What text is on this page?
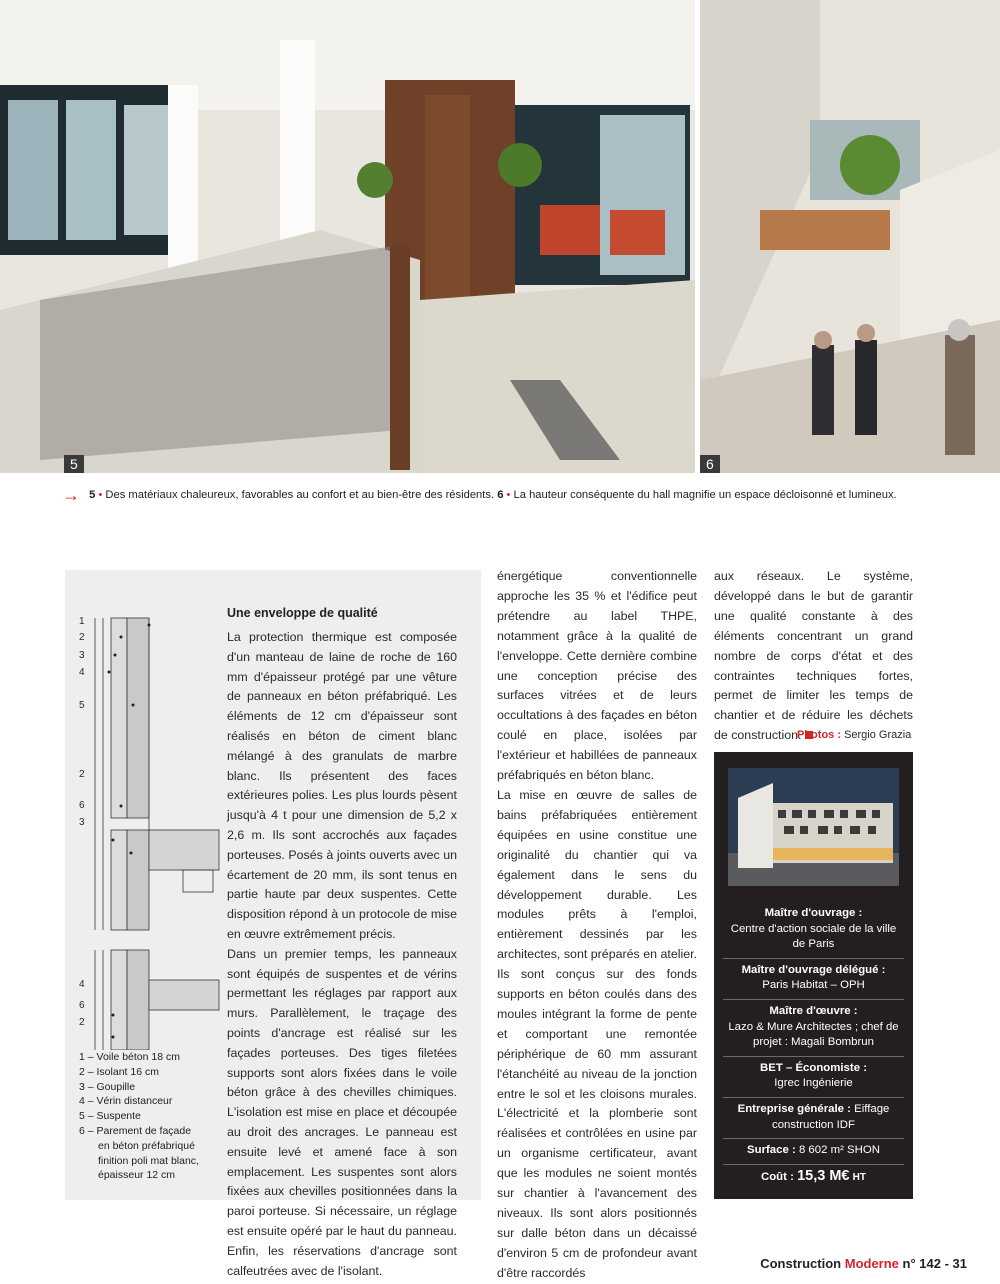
5	6
→ 5 • Des matériaux chaleureux, favorables au confort et au bien-être des résidents. 6 • La hauteur conséquente du hall magnifie un espace décloisonné et lumineux.
1
2
3
4
5
2
6
3
4
6
2
Une enveloppe de qualité

La protection thermique est composée d'un manteau de laine de roche de 160 mm d'épaisseur protégé par une vêture de panneaux en béton préfabriqué. Les éléments de 12 cm d'épaisseur sont réalisés en béton de ciment blanc mélangé à des granulats de marbre blanc. Ils présentent des faces extérieures polies. Les plus lourds pèsent jusqu'à 4 t pour une dimension de 5,2 x 2,6 m. Ils sont accrochés aux façades porteuses. Posés à joints ouverts avec un écartement de 20 mm, ils sont tenus en partie haute par deux suspentes. Cette disposition répond à un protocole de mise en œuvre extrêmement précis.

Dans un premier temps, les panneaux sont équipés de suspentes et de vérins permettant les réglages par rapport aux murs. Parallèlement, le traçage des points d'ancrage est réalisé sur les façades porteuses. Des tiges filetées supports sont alors fixées dans le voile béton grâce à des chevilles chimiques. L'isolation est mise en place et découpée au droit des ancrages. Le panneau est ensuite levé et amené face à son emplacement. Les suspentes sont alors fixées aux chevilles positionnées dans la paroi porteuse. Si nécessaire, un réglage est ensuite opéré par le haut du panneau. Enfin, les réservations d'ancrage sont calfeutrées avec de l'isolant.

1 – Voile béton 18 cm
2 – Isolant 16 cm
3 – Goupille
4 – Vérin distanceur
5 – Suspente
6 – Parement de façade
en béton préfabriqué
finition poli mat blanc,
épaisseur 12 cm

énergétique conventionnelle approche les 35 % et l'édifice peut prétendre au label THPE, notamment grâce à la qualité de l'enveloppe. Cette dernière combine une conception précise des surfaces vitrées et de leurs occultations à des façades en béton coulé en place, isolées par l'extérieur et habillées de panneaux préfabriqués en béton blanc.

La mise en œuvre de salles de bains préfabriquées entièrement équipées en usine constitue une originalité du chantier qui va également dans le sens du développement durable. Les modules prêts à l'emploi, entièrement dessinés par les architectes, sont préparés en atelier. Ils sont conçus sur des fonds supports en béton coulés dans des moules intégrant la forme de pente et comportant une remontée périphérique de 60 mm assurant l'étanchéité au niveau de la jonction entre le sol et les cloisons murales. L'électricité et la plomberie sont réalisées et contrôlées en usine par un organisme certificateur, avant que les modules ne soient montés sur chantier à l'avancement des niveaux. Ils sont alors positionnés sur dalle béton dans un décaissé d'environ 5 cm de profondeur avant d'être raccordés

aux réseaux. Le système, développé dans le but de garantir une qualité constante à des éléments concentrant un grand nombre de corps d'état et des contraintes techniques fortes, permet de limiter les temps de chantier et de réduire les déchets de construction.

Photos : Sergio Grazia
Maître d'ouvrage :
Centre d'action sociale de la ville de Paris
Maître d'ouvrage délégué :
Paris Habitat – OPH
Maître d'œuvre :
Lazo & Mure Architectes ; chef de projet : Magali Bombrun
BET – Économiste :
Igrec Ingénierie
Entreprise générale : Eiffage construction IDF
Surface : 8 602 m² SHON
Coût : 15,3 M€ HT
Construction Moderne n° 142 - 31
